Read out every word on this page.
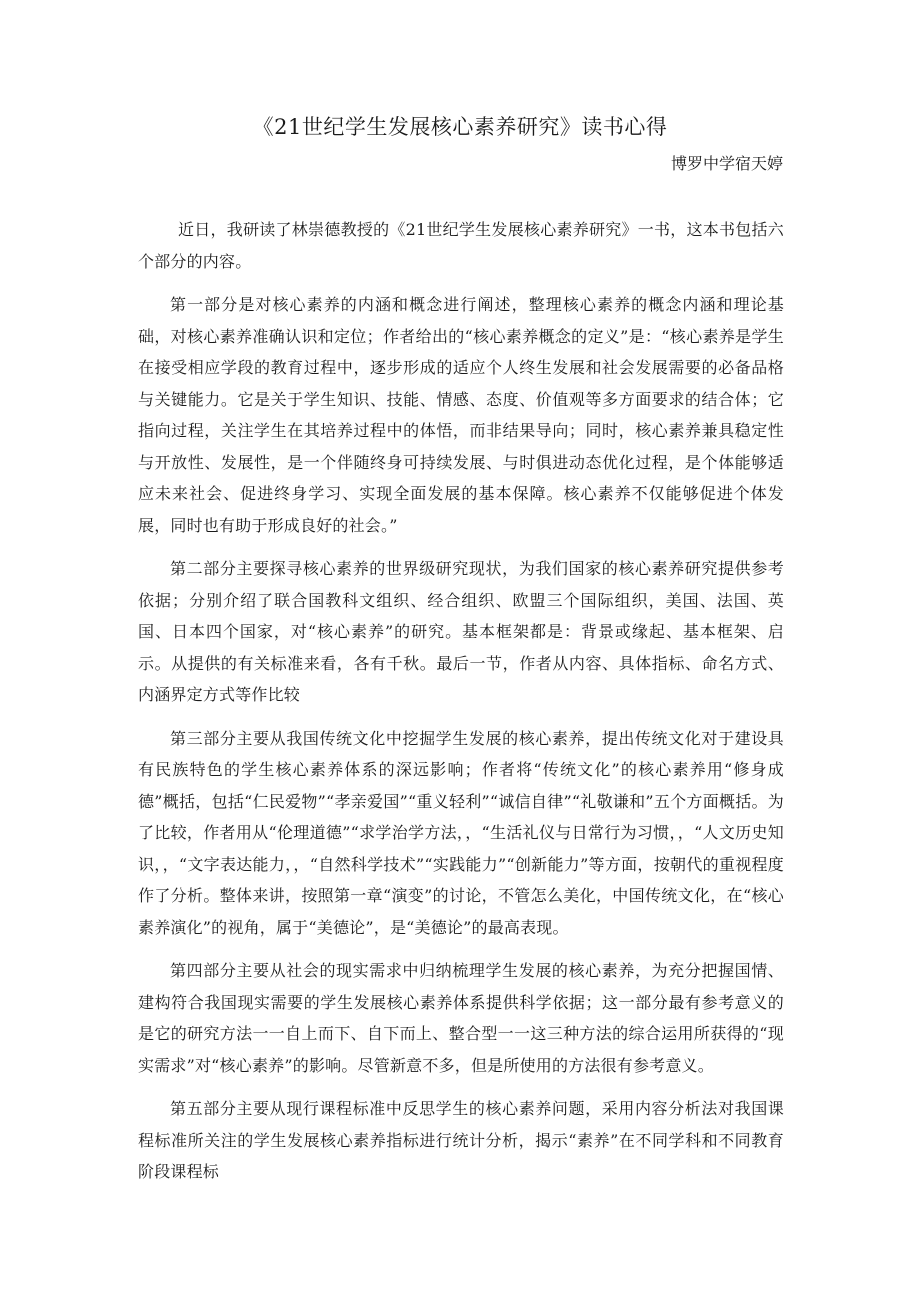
《21世纪学生发展核心素养研究》读书心得

博罗中学宿天婷

近日，我研读了林崇德教授的《21世纪学生发展核心素养研究》一书，这本书包括六个部分的内容。

第一部分是对核心素养的内涵和概念进行阐述，整理核心素养的概念内涵和理论基础，对核心素养准确认识和定位；作者给出的“核心素养概念的定义”是：“核心素养是学生在接受相应学段的教育过程中，逐步形成的适应个人终生发展和社会发展需要的必备品格与关键能力。它是关于学生知识、技能、情感、态度、价值观等多方面要求的结合体；它指向过程，关注学生在其培养过程中的体悟，而非结果导向；同时，核心素养兼具稳定性与开放性、发展性，是一个伴随终身可持续发展、与时俱进动态优化过程，是个体能够适应未来社会、促进终身学习、实现全面发展的基本保障。核心素养不仅能够促进个体发展，同时也有助于形成良好的社会。”

第二部分主要探寻核心素养的世界级研究现状，为我们国家的核心素养研究提供参考依据；分别介绍了联合国教科文组织、经合组织、欧盟三个国际组织，美国、法国、英国、日本四个国家，对“核心素养”的研究。基本框架都是：背景或缘起、基本框架、启示。从提供的有关标准来看，各有千秋。最后一节，作者从内容、具体指标、命名方式、内涵界定方式等作比较

第三部分主要从我国传统文化中挖掘学生发展的核心素养，提出传统文化对于建设具有民族特色的学生核心素养体系的深远影响；作者将“传统文化”的核心素养用“修身成德”概括，包括“仁民爱物”“孝亲爱国”“重义轻利”“诚信自律”“礼敬谦和”五个方面概括。为了比较，作者用从“伦理道德”“求学治学方法，，“生活礼仪与日常行为习惯，，“人文历史知识，，“文字表达能力，，“自然科学技术”“实践能力”“创新能力”等方面，按朝代的重视程度作了分析。整体来讲，按照第一章“演变”的讨论，不管怎么美化，中国传统文化，在“核心素养演化”的视角，属于“美德论”，是“美德论”的最高表现。

第四部分主要从社会的现实需求中归纳梳理学生发展的核心素养，为充分把握国情、建构符合我国现实需要的学生发展核心素养体系提供科学依据；这一部分最有参考意义的是它的研究方法一一自上而下、自下而上、整合型一一这三种方法的综合运用所获得的“现实需求”对“核心素养”的影响。尽管新意不多，但是所使用的方法很有参考意义。

第五部分主要从现行课程标准中反思学生的核心素养问题，采用内容分析法对我国课程标准所关注的学生发展核心素养指标进行统计分析，揭示“素养”在不同学科和不同教育阶段课程标
